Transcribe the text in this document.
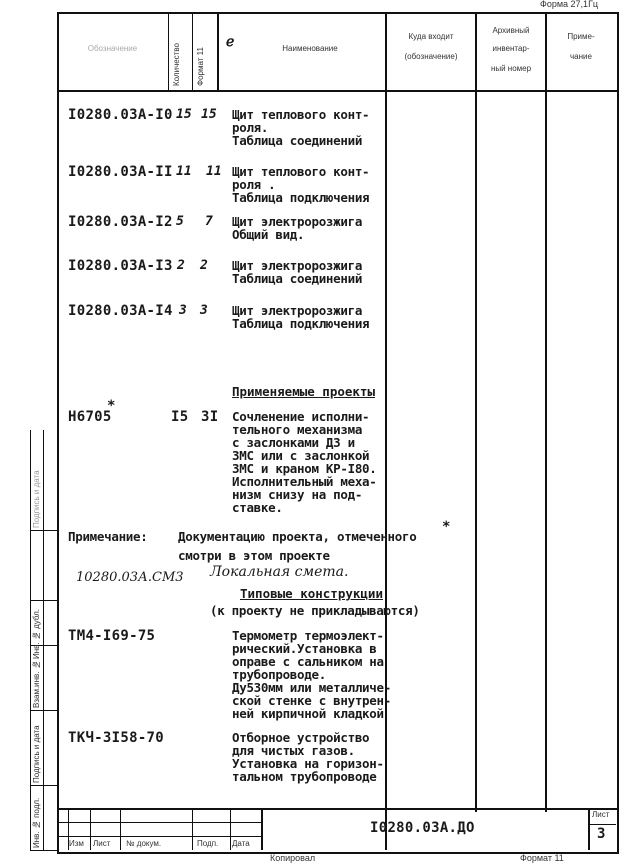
Форма 27,1Гц
Обозначение	Количество Формат 11
ℯ	Наименование
Куда входит
(обозначение)
Архивный
инвентар-
ный номер
Приме-
чание
I0280.03A-I0 15 15 Щит теплового конт-
роля.
Таблица соединений
I0280.03A-II 11 11 Щит теплового конт-
роля .
Таблица подключения
I0280.03A-I2 5 7 Щит электророзжига
Общий вид.
I0280.03A-I3 2 2 Щит электророзжига
Таблица соединений
I0280.03A-I4 3 3 Щит электророзжига
Таблица подключения
Применяемые проекты
Н6705
*
I5 3I Сочленение исполни-
тельного механизма
с заслонками ДЗ и
ЗМС или с заслонкой
ЗМС и краном КР-I80.
Исполнительный меха-
низм снизу на под-
ставке.
Примечание: Документацию проекта, отмеченного
*
смотри в этом проекте
10280.03А.СМ3 Локальная смета.
Типовые конструкции
(к проекту не прикладываются)
ТМ4-I69-75	Термометр термоэлект-
рический.Установка в
оправе с сальником на
трубопроводе.
Ду530мм или металличе-
ской стенке с внутрен-
ней кирпичной кладкой
ТКЧ-3I58-70	Отборное устройство
для чистых газов.
Установка на горизон-
тальном трубопроводе
Инв. № подл.
Подпись и дата
Взам.инв. №
Инв. № дубл.
Подпись и дата
Изм Лист № докум.	Подп. Дата
I0280.03A.ДО
Лист
3
Копировал	Формат 11
